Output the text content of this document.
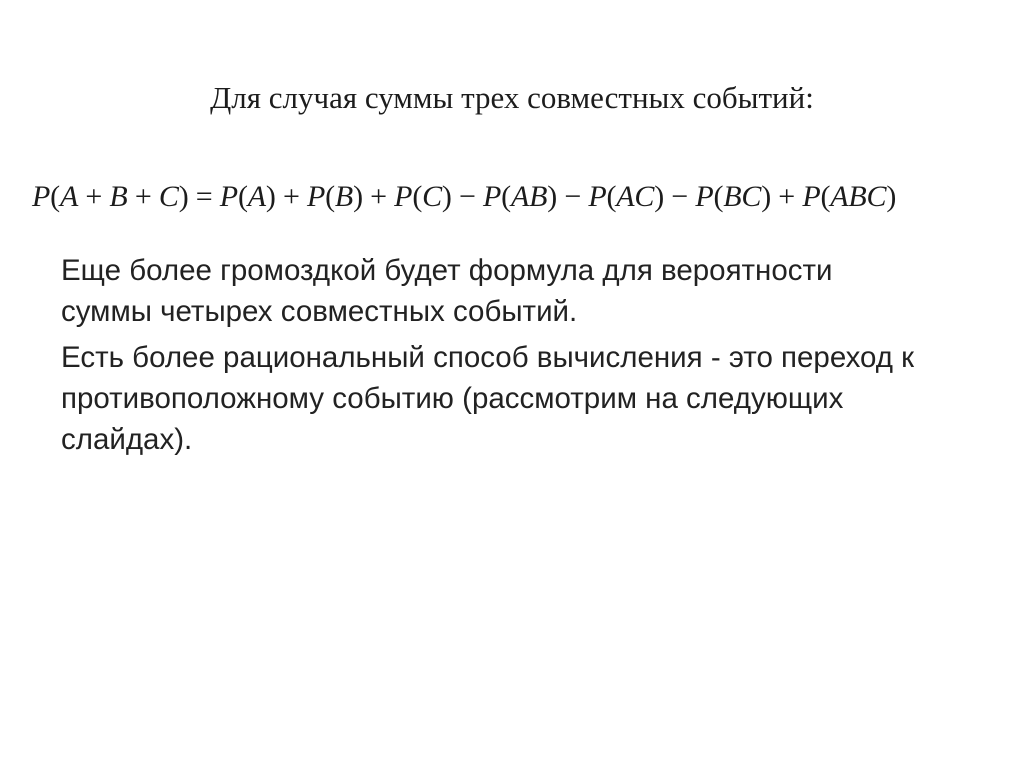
Для случая суммы трех совместных событий:
P(A + B + C) = P(A) + P(B) + P(C) − P(AB) − P(AC) − P(BC) + P(ABC)
Еще более громоздкой будет формула для вероятности
суммы четырех совместных событий.
Есть более рациональный способ вычисления - это переход к
противоположному событию (рассмотрим на следующих
слайдах).
